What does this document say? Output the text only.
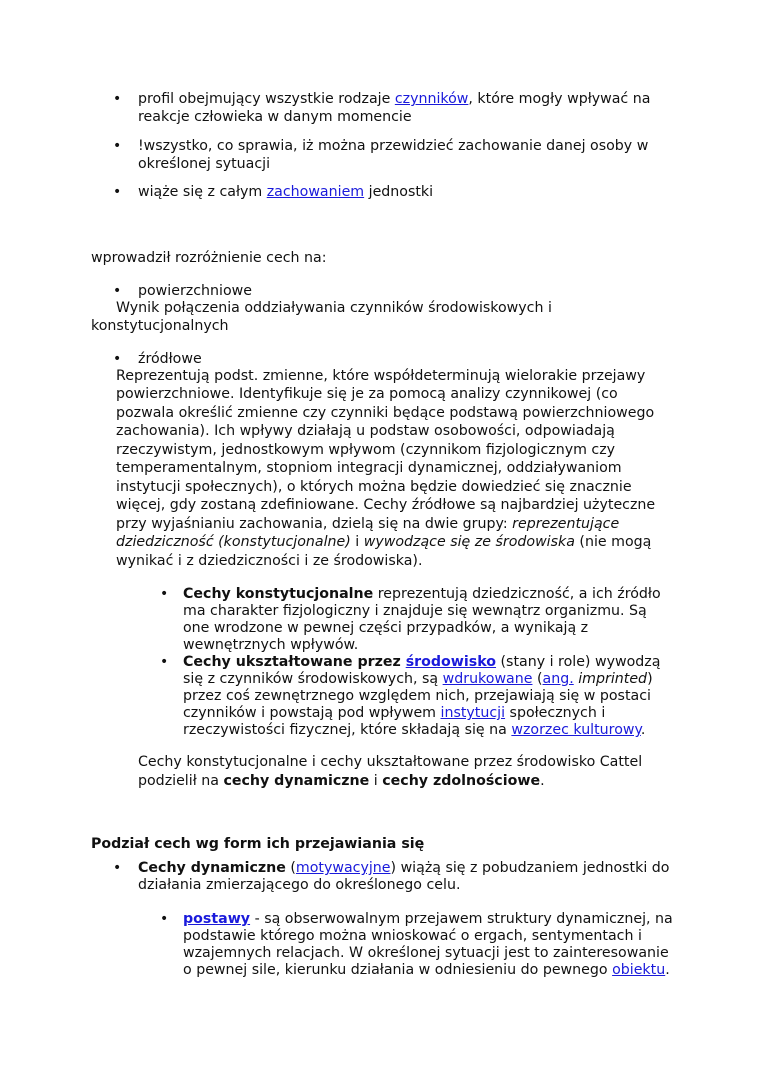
• profil obejmujący wszystkie rodzaje czynników, które mogły wpływać na
reakcje człowieka w danym momencie
• !wszystko, co sprawia, iż można przewidzieć zachowanie danej osoby w
określonej sytuacji
• wiąże się z całym zachowaniem jednostki
wprowadził rozróżnienie cech na:
• powierzchniowe
Wynik połączenia oddziaływania czynników środowiskowych i
konstytucjonalnych
• źródłowe
Reprezentują podst. zmienne, które współdeterminują wielorakie przejawy
powierzchniowe. Identyfikuje się je za pomocą analizy czynnikowej (co
pozwala określić zmienne czy czynniki będące podstawą powierzchniowego
zachowania). Ich wpływy działają u podstaw osobowości, odpowiadają
rzeczywistym, jednostkowym wpływom (czynnikom fizjologicznym czy
temperamentalnym, stopniom integracji dynamicznej, oddziaływaniom
instytucji społecznych), o których można będzie dowiedzieć się znacznie
więcej, gdy zostaną zdefiniowane. Cechy źródłowe są najbardziej użyteczne
przy wyjaśnianiu zachowania, dzielą się na dwie grupy: reprezentujące
dziedziczność (konstytucjonalne) i wywodzące się ze środowiska (nie mogą
wynikać i z dziedziczności i ze środowiska).
• Cechy konstytucjonalne reprezentują dziedziczność, a ich źródło
ma charakter fizjologiczny i znajduje się wewnątrz organizmu. Są
one wrodzone w pewnej części przypadków, a wynikają z
wewnętrznych wpływów.
• Cechy ukształtowane przez środowisko (stany i role) wywodzą
się z czynników środowiskowych, są wdrukowane (ang. imprinted)
przez coś zewnętrznego względem nich, przejawiają się w postaci
czynników i powstają pod wpływem instytucji społecznych i
rzeczywistości fizycznej, które składają się na wzorzec kulturowy.
Cechy konstytucjonalne i cechy ukształtowane przez środowisko Cattel
podzielił na cechy dynamiczne i cechy zdolnościowe.
Podział cech wg form ich przejawiania się
• Cechy dynamiczne (motywacyjne) wiążą się z pobudzaniem jednostki do
działania zmierzającego do określonego celu.
• postawy - są obserwowalnym przejawem struktury dynamicznej, na
podstawie którego można wnioskować o ergach, sentymentach i
wzajemnych relacjach. W określonej sytuacji jest to zainteresowanie
o pewnej sile, kierunku działania w odniesieniu do pewnego obiektu.
